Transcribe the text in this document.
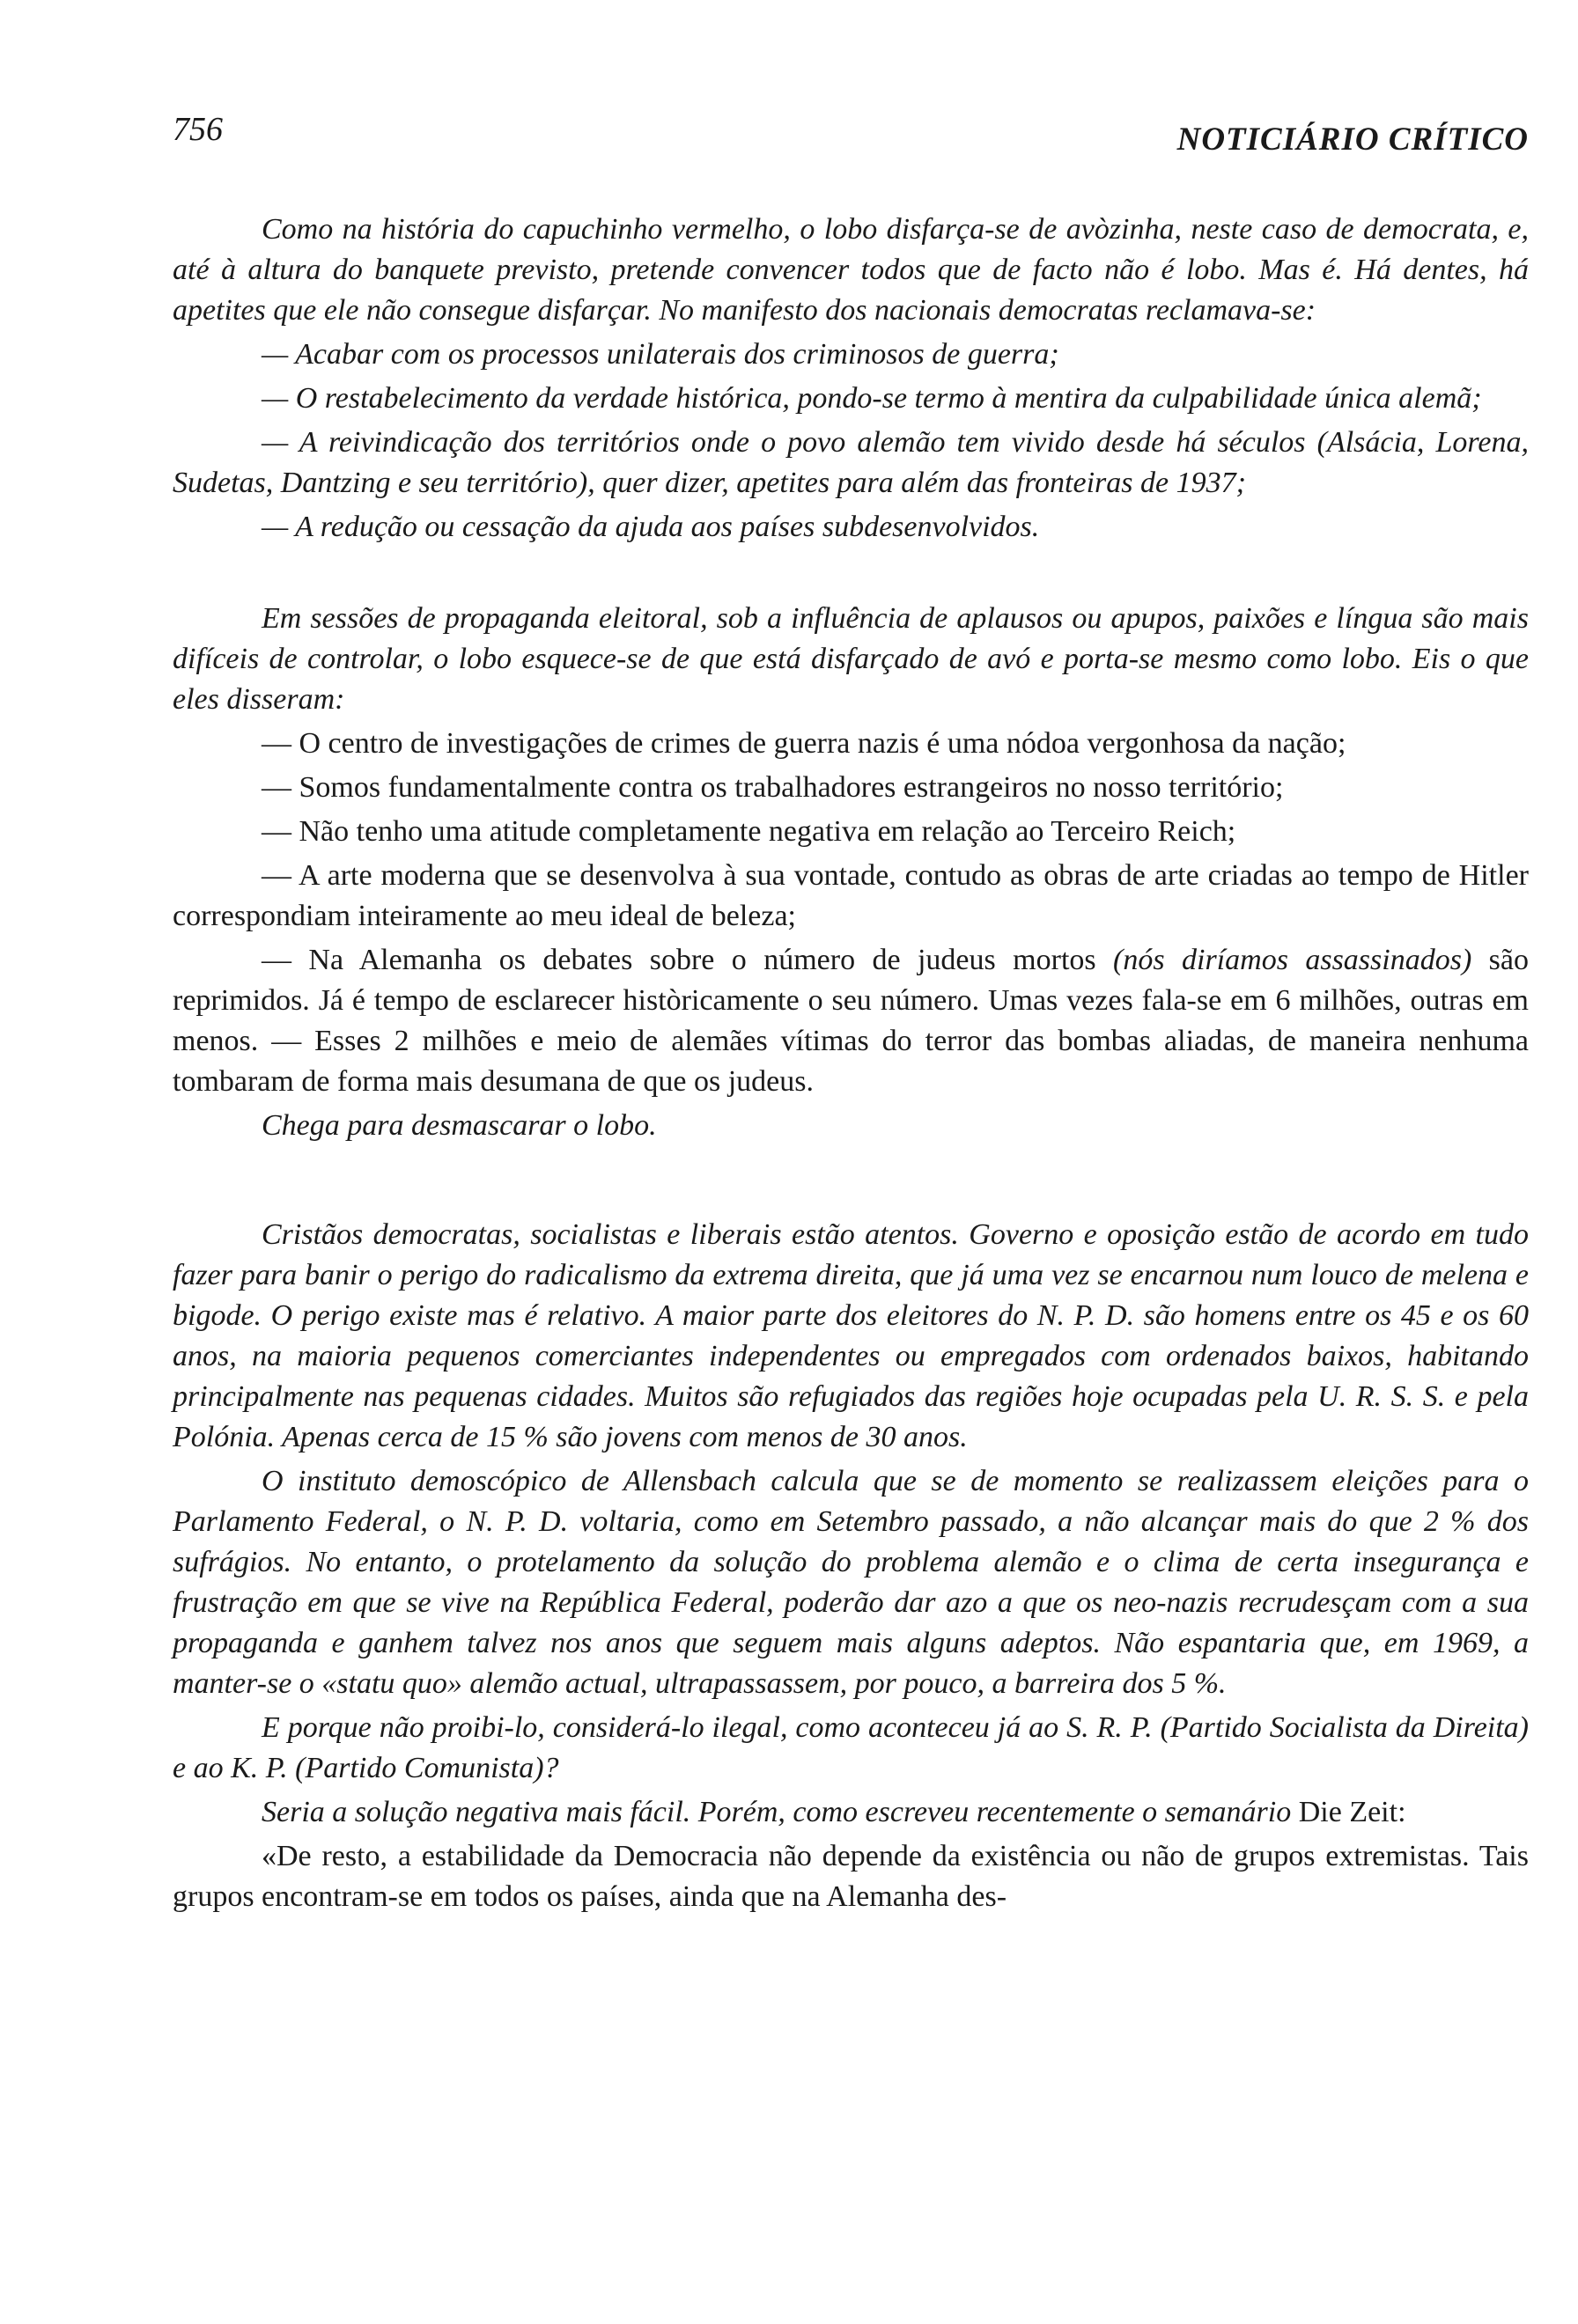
756	NOTICIÁRIO CRÍTICO

Como na história do capuchinho vermelho, o lobo disfarça-se de avòzinha, neste caso de democrata, e, até à altura do banquete previsto, pretende convencer todos que de facto não é lobo. Mas é. Há dentes, há apetites que ele não consegue disfarçar. No manifesto dos nacionais democratas reclamava-se:

— Acabar com os processos unilaterais dos criminosos de guerra;

— O restabelecimento da verdade histórica, pondo-se termo à mentira da culpabilidade única alemã;

— A reivindicação dos territórios onde o povo alemão tem vivido desde há séculos (Alsácia, Lorena, Sudetas, Dantzing e seu território), quer dizer, apetites para além das fronteiras de 1937;

— A redução ou cessação da ajuda aos países subdesenvolvidos.

Em sessões de propaganda eleitoral, sob a influência de aplausos ou apupos, paixões e língua são mais difíceis de controlar, o lobo esquece-se de que está disfarçado de avó e porta-se mesmo como lobo. Eis o que eles disseram:

— O centro de investigações de crimes de guerra nazis é uma nódoa vergonhosa da nação;

— Somos fundamentalmente contra os trabalhadores estrangeiros no nosso território;

— Não tenho uma atitude completamente negativa em relação ao Terceiro Reich;

— A arte moderna que se desenvolva à sua vontade, contudo as obras de arte criadas ao tempo de Hitler correspondiam inteiramente ao meu ideal de beleza;

— Na Alemanha os debates sobre o número de judeus mortos (nós diríamos assassinados) são reprimidos. Já é tempo de esclarecer històricamente o seu número. Umas vezes fala-se em 6 milhões, outras em menos. — Esses 2 milhões e meio de alemães vítimas do terror das bombas aliadas, de maneira nenhuma tombaram de forma mais desumana de que os judeus.

Chega para desmascarar o lobo.

Cristãos democratas, socialistas e liberais estão atentos. Governo e oposição estão de acordo em tudo fazer para banir o perigo do radicalismo da extrema direita, que já uma vez se encarnou num louco de melena e bigode. O perigo existe mas é relativo. A maior parte dos eleitores do N. P. D. são homens entre os 45 e os 60 anos, na maioria pequenos comerciantes independentes ou empregados com ordenados baixos, habitando principalmente nas pequenas cidades. Muitos são refugiados das regiões hoje ocupadas pela U. R. S. S. e pela Polónia. Apenas cerca de 15 % são jovens com menos de 30 anos.

O instituto demoscópico de Allensbach calcula que se de momento se realizassem eleições para o Parlamento Federal, o N. P. D. voltaria, como em Setembro passado, a não alcançar mais do que 2 % dos sufrágios. No entanto, o protelamento da solução do problema alemão e o clima de certa insegurança e frustração em que se vive na República Federal, poderão dar azo a que os neo-nazis recrudesçam com a sua propaganda e ganhem talvez nos anos que seguem mais alguns adeptos. Não espantaria que, em 1969, a manter-se o «statu quo» alemão actual, ultrapassassem, por pouco, a barreira dos 5 %.

E porque não proibi-lo, considerá-lo ilegal, como aconteceu já ao S. R. P. (Partido Socialista da Direita) e ao K. P. (Partido Comunista)?

Seria a solução negativa mais fácil. Porém, como escreveu recentemente o semanário Die Zeit:

«De resto, a estabilidade da Democracia não depende da existência ou não de grupos extremistas. Tais grupos encontram-se em todos os países, ainda que na Alemanha des-
